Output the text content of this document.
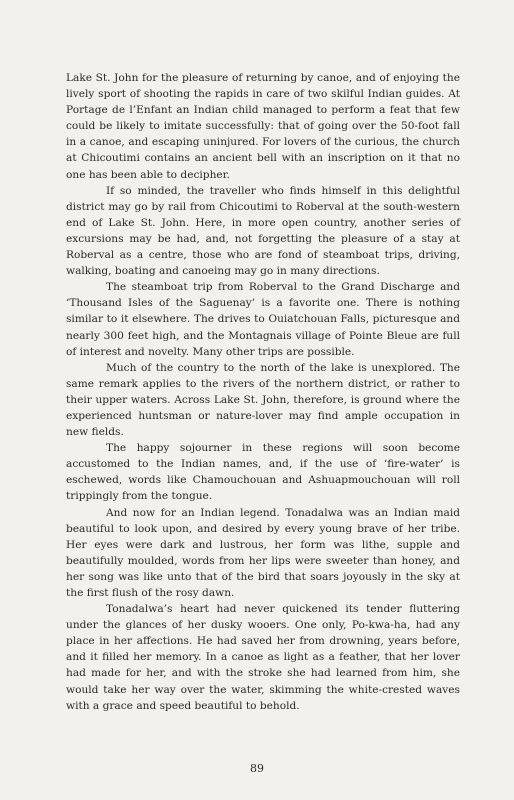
Lake St. John for the pleasure of returning by canoe, and of enjoying the lively sport of shooting the rapids in care of two skilful Indian guides. At Portage de l’Enfant an Indian child managed to perform a feat that few could be likely to imitate successfully: that of going over the 50-foot fall in a canoe, and escaping uninjured. For lovers of the curious, the church at Chicoutimi contains an ancient bell with an inscription on it that no one has been able to decipher.

If so minded, the traveller who finds himself in this delightful district may go by rail from Chicoutimi to Roberval at the south-western end of Lake St. John. Here, in more open country, another series of excursions may be had, and, not forgetting the pleasure of a stay at Roberval as a centre, those who are fond of steamboat trips, driving, walking, boating and canoeing may go in many directions.

The steamboat trip from Roberval to the Grand Discharge and ‘Thousand Isles of the Saguenay’ is a favorite one. There is nothing similar to it elsewhere. The drives to Ouiatchouan Falls, picturesque and nearly 300 feet high, and the Montagnais village of Pointe Bleue are full of interest and novelty. Many other trips are possible.

Much of the country to the north of the lake is unexplored. The same remark applies to the rivers of the northern district, or rather to their upper waters. Across Lake St. John, therefore, is ground where the experienced huntsman or nature-lover may find ample occupation in new fields.

The happy sojourner in these regions will soon become accustomed to the Indian names, and, if the use of ‘fire-water’ is eschewed, words like Chamouchouan and Ashuapmouchouan will roll trippingly from the tongue.

And now for an Indian legend. Tonadalwa was an Indian maid beautiful to look upon, and desired by every young brave of her tribe. Her eyes were dark and lustrous, her form was lithe, supple and beautifully moulded, words from her lips were sweeter than honey, and her song was like unto that of the bird that soars joyously in the sky at the first flush of the rosy dawn.

Tonadalwa’s heart had never quickened its tender fluttering under the glances of her dusky wooers. One only, Po-kwa-ha, had any place in her affections. He had saved her from drowning, years before, and it filled her memory. In a canoe as light as a feather, that her lover had made for her, and with the stroke she had learned from him, she would take her way over the water, skimming the white-crested waves with a grace and speed beautiful to behold.

89
